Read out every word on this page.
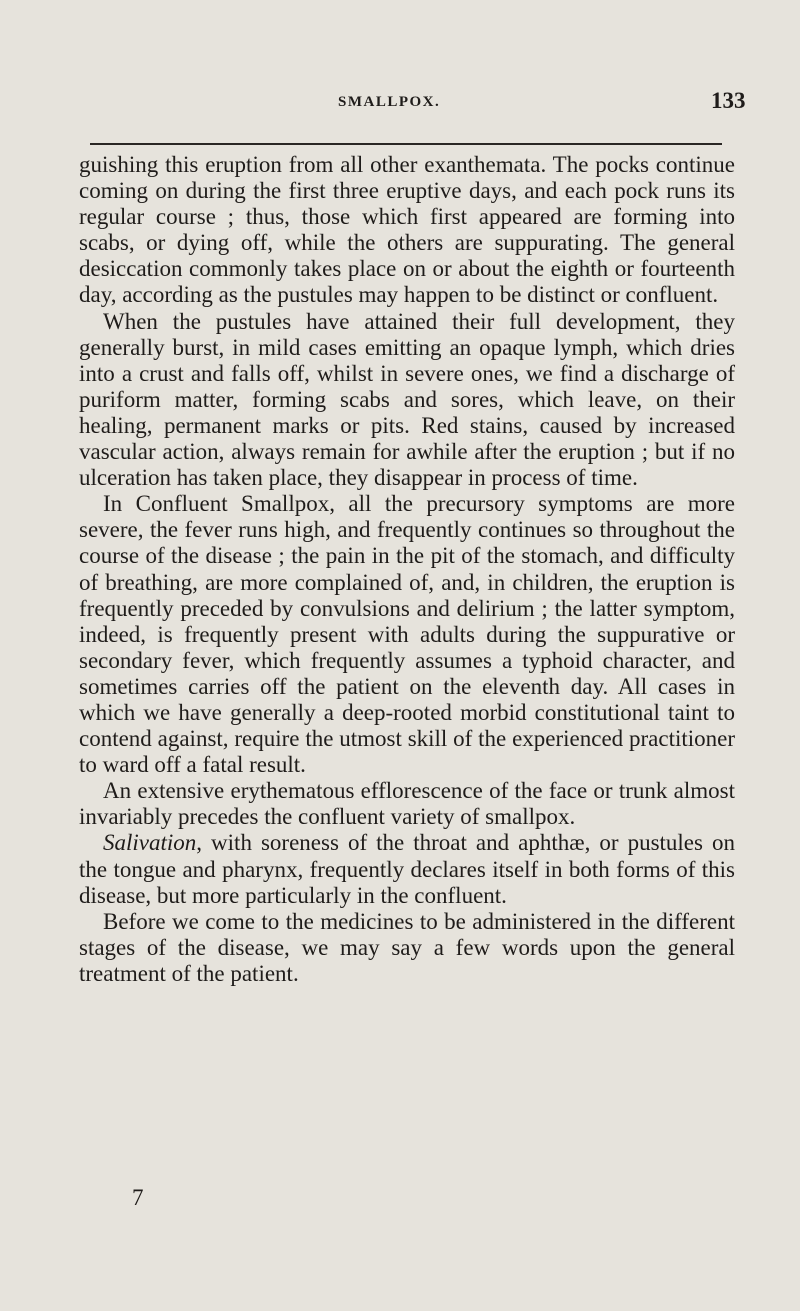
SMALLPOX.	133

guishing this eruption from all other exanthemata. The pocks continue coming on during the first three eruptive days, and each pock runs its regular course ; thus, those which first appeared are forming into scabs, or dying off, while the others are suppurating. The general desiccation commonly takes place on or about the eighth or fourteenth day, according as the pustules may happen to be distinct or confluent.

When the pustules have attained their full development, they generally burst, in mild cases emitting an opaque lymph, which dries into a crust and falls off, whilst in severe ones, we find a discharge of puriform matter, forming scabs and sores, which leave, on their healing, permanent marks or pits. Red stains, caused by increased vascular action, always remain for awhile after the eruption ; but if no ulceration has taken place, they disappear in process of time.

In Confluent Smallpox, all the precursory symptoms are more severe, the fever runs high, and frequently continues so throughout the course of the disease ; the pain in the pit of the stomach, and difficulty of breathing, are more complained of, and, in children, the eruption is frequently preceded by convulsions and delirium ; the latter symptom, indeed, is frequently present with adults during the suppurative or secondary fever, which frequently assumes a typhoid character, and sometimes carries off the patient on the eleventh day. All cases in which we have generally a deep-rooted morbid constitutional taint to contend against, require the utmost skill of the experienced practitioner to ward off a fatal result.

An extensive erythematous efflorescence of the face or trunk almost invariably precedes the confluent variety of smallpox.

Salivation, with soreness of the throat and aphthæ, or pustules on the tongue and pharynx, frequently declares itself in both forms of this disease, but more particularly in the confluent.

Before we come to the medicines to be administered in the different stages of the disease, we may say a few words upon the general treatment of the patient.

7
